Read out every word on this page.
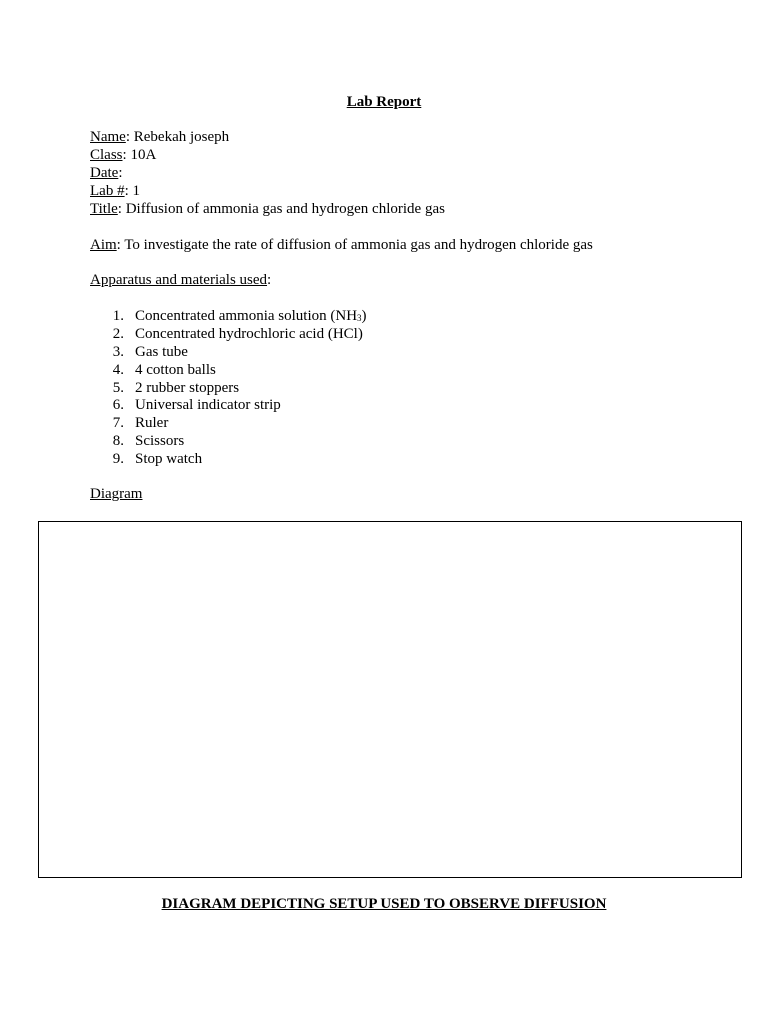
Lab Report
Name: Rebekah joseph
Class: 10A
Date:
Lab #: 1
Title: Diffusion of ammonia gas and hydrogen chloride gas
Aim: To investigate the rate of diffusion of ammonia gas and hydrogen chloride gas
Apparatus and materials used:
1. Concentrated ammonia solution $(NH_3)$
2. Concentrated hydrochloric acid (HCl)
3. Gas tube
4. 4 cotton balls
5. 2 rubber stoppers
6. Universal indicator strip
7. Ruler
8. Scissors
9. Stop watch
Diagram
DIAGRAM DEPICTING SETUP USED TO OBSERVE DIFFUSION
